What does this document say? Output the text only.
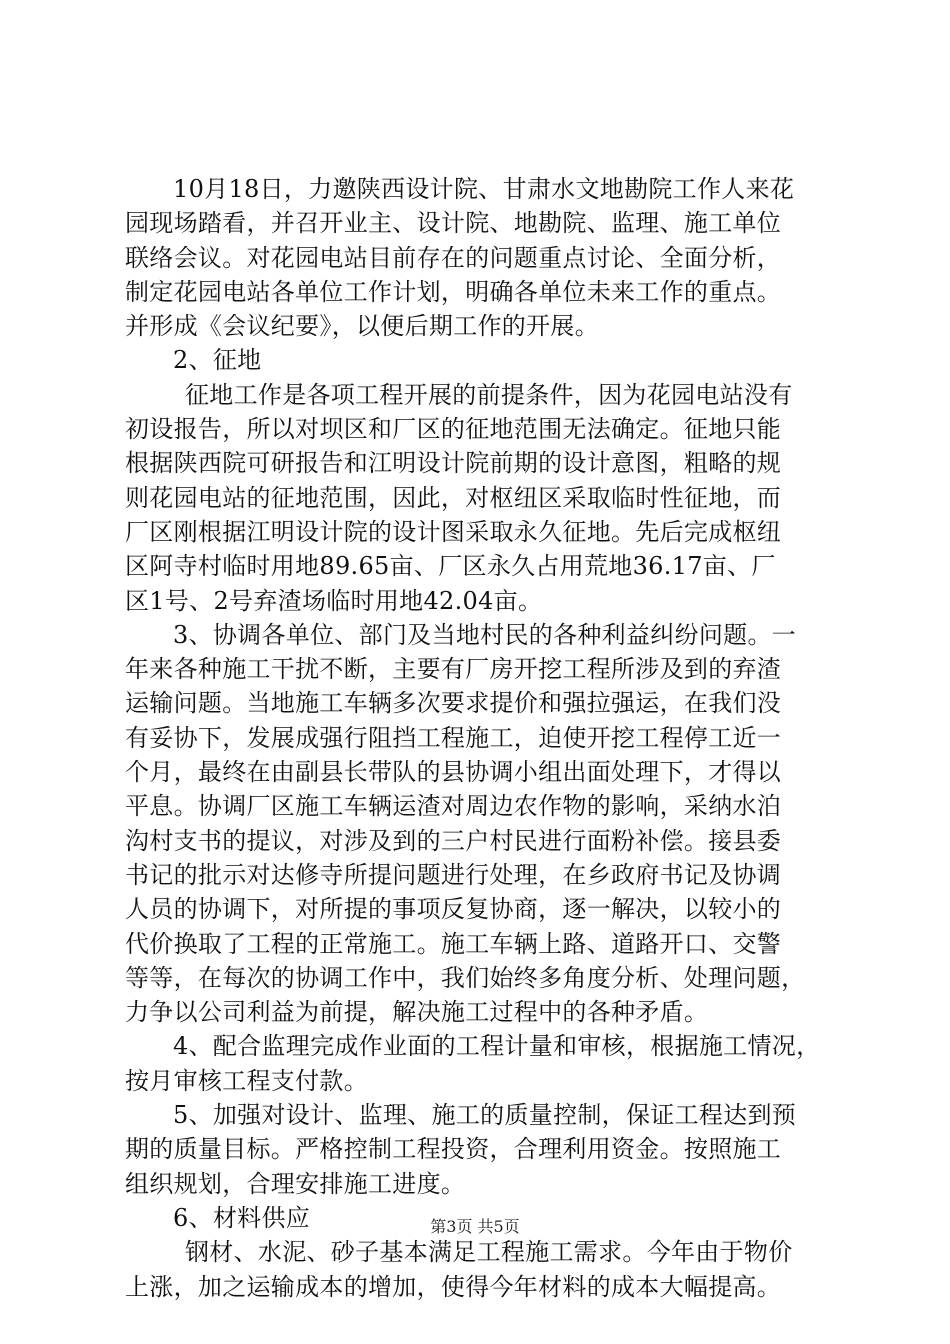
10月18日，力邀陕西设计院、甘肃水文地勘院工作人来花
园现场踏看，并召开业主、设计院、地勘院、监理、施工单位
联络会议。对花园电站目前存在的问题重点讨论、全面分析，
制定花园电站各单位工作计划，明确各单位未来工作的重点。
并形成《会议纪要》，以便后期工作的开展。
2、征地
征地工作是各项工程开展的前提条件，因为花园电站没有
初设报告，所以对坝区和厂区的征地范围无法确定。征地只能
根据陕西院可研报告和江明设计院前期的设计意图，粗略的规
则花园电站的征地范围，因此，对枢纽区采取临时性征地，而
厂区刚根据江明设计院的设计图采取永久征地。先后完成枢纽
区阿寺村临时用地89.65亩、厂区永久占用荒地36.17亩、厂
区1号、2号弃渣场临时用地42.04亩。
3、协调各单位、部门及当地村民的各种利益纠纷问题。一
年来各种施工干扰不断，主要有厂房开挖工程所涉及到的弃渣
运输问题。当地施工车辆多次要求提价和强拉强运，在我们没
有妥协下，发展成强行阻挡工程施工，迫使开挖工程停工近一
个月，最终在由副县长带队的县协调小组出面处理下，才得以
平息。协调厂区施工车辆运渣对周边农作物的影响，采纳水泊
沟村支书的提议，对涉及到的三户村民进行面粉补偿。接县委
书记的批示对达修寺所提问题进行处理，在乡政府书记及协调
人员的协调下，对所提的事项反复协商，逐一解决，以较小的
代价换取了工程的正常施工。施工车辆上路、道路开口、交警
等等，在每次的协调工作中，我们始终多角度分析、处理问题，
力争以公司利益为前提，解决施工过程中的各种矛盾。
4、配合监理完成作业面的工程计量和审核，根据施工情况，
按月审核工程支付款。
5、加强对设计、监理、施工的质量控制，保证工程达到预
期的质量目标。严格控制工程投资，合理利用资金。按照施工
组织规划，合理安排施工进度。
6、材料供应
钢材、水泥、砂子基本满足工程施工需求。今年由于物价
上涨，加之运输成本的增加，使得今年材料的成本大幅提高。
第3页 共5页
